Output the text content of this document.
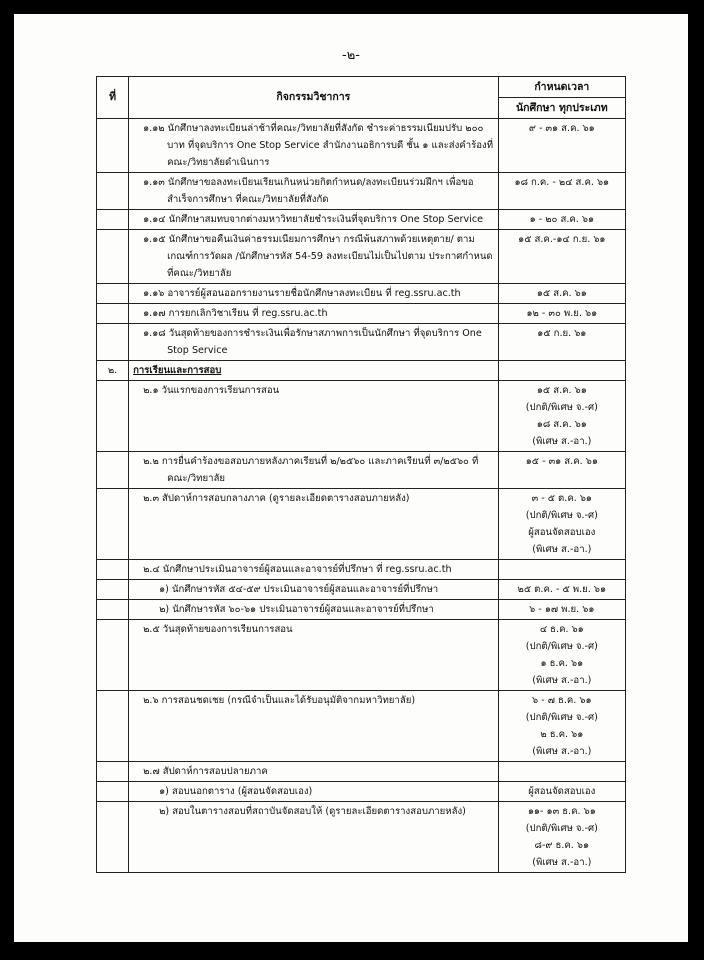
-๒-
ที่	กิจกรรมวิชาการ	กำหนดเวลา
		นักศึกษา ทุกประเภท
	๑.๑๒ นักศึกษาลงทะเบียนล่าช้าที่คณะ/วิทยาลัยที่สังกัด ชำระค่าธรรมเนียมปรับ ๒๐๐ บาท ที่จุดบริการ One Stop Service สำนักงานอธิการบดี ชั้น ๑ และส่งคำร้องที่คณะ/วิทยาลัยดำเนินการ	๙ - ๓๑ ส.ค. ๖๑
	๑.๑๓ นักศึกษาขอลงทะเบียนเรียนเกินหน่วยกิตกำหนด/ลงทะเบียนร่วมฝึกฯ เพื่อขอสำเร็จการศึกษา ที่คณะ/วิทยาลัยที่สังกัด	๑๘ ก.ค. - ๒๔ ส.ค. ๖๑
	๑.๑๔ นักศึกษาสมทบจากต่างมหาวิทยาลัยชำระเงินที่จุดบริการ One Stop Service	๑ - ๒๐ ส.ค. ๖๑
	๑.๑๕ นักศึกษาขอคืนเงินค่าธรรมเนียมการศึกษา กรณีพ้นสภาพด้วยเหตุตาย/ ตามเกณฑ์การวัดผล /นักศึกษารหัส 54-59 ลงทะเบียนไม่เป็นไปตาม ประกาศกำหนด ที่คณะ/วิทยาลัย	๑๕ ส.ค.-๑๔ ก.ย. ๖๑
	๑.๑๖ อาจารย์ผู้สอนออกรายงานรายชื่อนักศึกษาลงทะเบียน ที่ reg.ssru.ac.th	๑๕ ส.ค. ๖๑
	๑.๑๗ การยกเลิกวิชาเรียน ที่ reg.ssru.ac.th	๑๒ - ๓๐ พ.ย. ๖๑
	๑.๑๘ วันสุดท้ายของการชำระเงินเพื่อรักษาสภาพการเป็นนักศึกษา ที่จุดบริการ One Stop Service	๑๕ ก.ย. ๖๑
๒.	การเรียนและการสอบ	
	๒.๑ วันแรกของการเรียนการสอน	๑๕ ส.ค. ๖๑
(ปกติ/พิเศษ จ.-ศ)
๑๘ ส.ค. ๖๑
(พิเศษ ส.-อา.)

	๒.๒ การยื่นคำร้องขอสอบภายหลังภาคเรียนที่ ๒/๒๕๖๐ และภาคเรียนที่ ๓/๒๕๖๐ ที่คณะ/วิทยาลัย	๑๕ - ๓๑ ส.ค. ๖๑
	๒.๓ สัปดาห์การสอบกลางภาค (ดูรายละเอียดตารางสอบภายหลัง)	๓ - ๕ ต.ค. ๖๑
(ปกติ/พิเศษ จ.-ศ)
ผู้สอนจัดสอบเอง
(พิเศษ ส.-อา.)

	๒.๔ นักศึกษาประเมินอาจารย์ผู้สอนและอาจารย์ที่ปรึกษา ที่ reg.ssru.ac.th	
	๑) นักศึกษารหัส ๕๔-๕๙ ประเมินอาจารย์ผู้สอนและอาจารย์ที่ปรึกษา	๒๕ ต.ค. - ๕ พ.ย. ๖๑
	๒) นักศึกษารหัส ๖๐-๖๑ ประเมินอาจารย์ผู้สอนและอาจารย์ที่ปรึกษา	๖ - ๑๗ พ.ย. ๖๑
	๒.๕ วันสุดท้ายของการเรียนการสอน	๔ ธ.ค. ๖๑
(ปกติ/พิเศษ จ.-ศ)
๑ ธ.ค. ๖๑
(พิเศษ ส.-อา.)

	๒.๖ การสอนชดเชย (กรณีจำเป็นและได้รับอนุมัติจากมหาวิทยาลัย)	๖ - ๗ ธ.ค. ๖๑
(ปกติ/พิเศษ จ.-ศ)
๒ ธ.ค. ๖๑
(พิเศษ ส.-อา.)

	๒.๗ สัปดาห์การสอบปลายภาค	
	๑) สอบนอกตาราง (ผู้สอนจัดสอบเอง)	ผู้สอนจัดสอบเอง
	๒) สอบในตารางสอบที่สถาบันจัดสอบให้ (ดูรายละเอียดตารางสอบภายหลัง)	๑๑- ๑๓ ธ.ค. ๖๑
(ปกติ/พิเศษ จ.-ศ)
๘-๙ ธ.ค. ๖๑
(พิเศษ ส.-อา.)
